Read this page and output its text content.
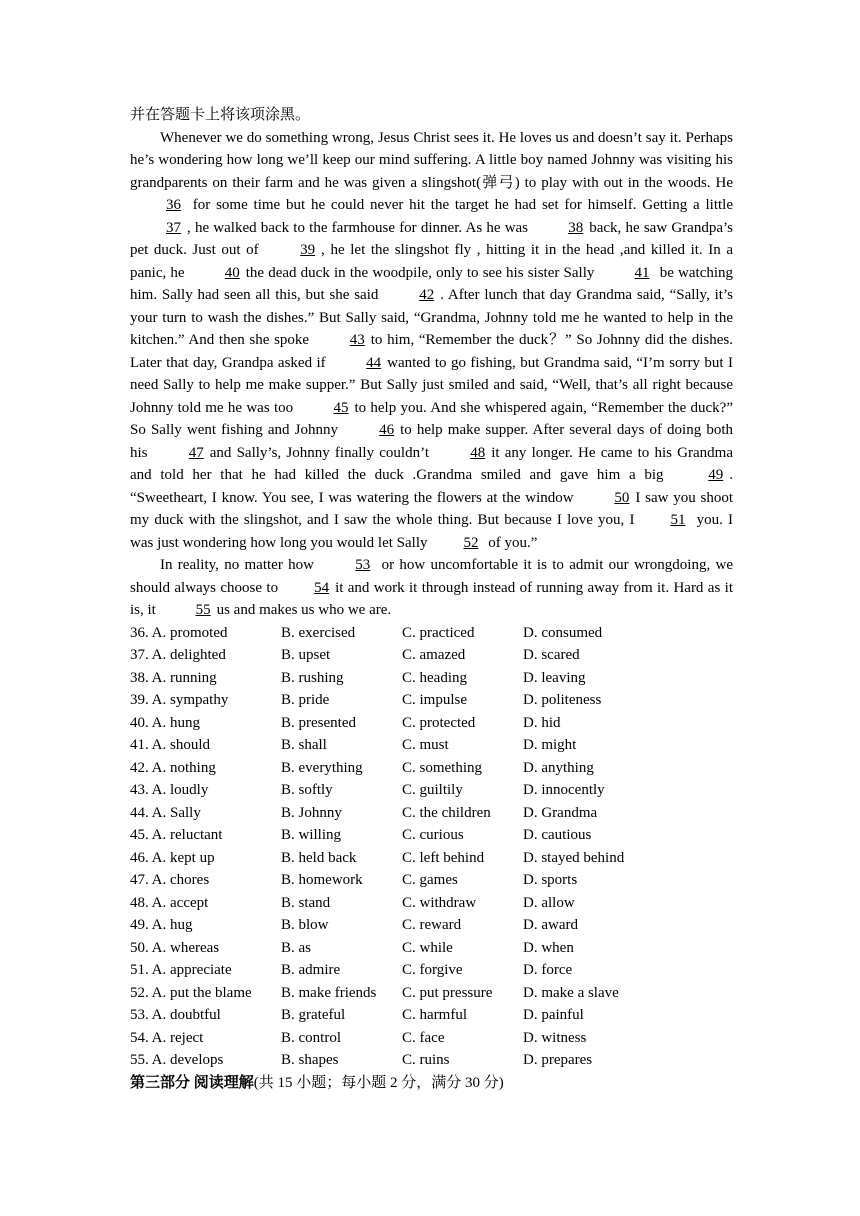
并在答题卡上将该项涂黑。

Whenever we do something wrong, Jesus Christ sees it. He loves us and doesn’t say it. Perhaps he’s wondering how long we’ll keep our mind suffering. A little boy named Johnny was visiting his grandparents on their farm and he was given a slingshot(弹弓) to play with out in the woods. He 36 for some time but he could never hit the target he had set for himself. Getting a little 37 , he walked back to the farmhouse for dinner. As he was 38 back, he saw Grandpa’s pet duck. Just out of 39 , he let the slingshot fly , hitting it in the head ,and killed it. In a panic, he 40 the dead duck in the woodpile, only to see his sister Sally 41 be watching him. Sally had seen all this, but she said 42 . After lunch that day Grandma said, “Sally, it’s your turn to wash the dishes.” But Sally said, “Grandma, Johnny told me he wanted to help in the kitchen.” And then she spoke 43 to him, “Remember the duck？” So Johnny did the dishes. Later that day, Grandpa asked if 44 wanted to go fishing, but Grandma said, “I’m sorry but I need Sally to help me make supper.” But Sally just smiled and said, “Well, that’s all right because Johnny told me he was too 45 to help you. And she whispered again, “Remember the duck?” So Sally went fishing and Johnny 46 to help make supper. After several days of doing both his 47 and Sally’s, Johnny finally couldn’t 48 it any longer. He came to his Grandma and told her that he had killed the duck .Grandma smiled and gave him a big 49 . “Sweetheart, I know. You see, I was watering the flowers at the window 50 I saw you shoot my duck with the slingshot, and I saw the whole thing. But because I love you, I 51 you. I was just wondering how long you would let Sally 52 of you.”

In reality, no matter how 53 or how uncomfortable it is to admit our wrongdoing, we should always choose to 54 it and work it through instead of running away from it. Hard as it is, it 55 us and makes us who we are.

36. A. promoted	B. exercised	C. practiced	D. consumed
37. A. delighted	B. upset	C. amazed	D. scared
38. A. running	B. rushing	C. heading	D. leaving
39. A. sympathy	B. pride	C. impulse	D. politeness
40. A. hung	B. presented	C. protected	D. hid
41. A. should	B. shall	C. must	D. might
42. A. nothing	B. everything	C. something	D. anything
43. A. loudly	B. softly	C. guiltily	D. innocently
44. A. Sally	B. Johnny	C. the children	D. Grandma
45. A. reluctant	B. willing	C. curious	D. cautious
46. A. kept up	B. held back	C. left behind	D. stayed behind
47. A. chores	B. homework	C. games	D. sports
48. A. accept	B. stand	C. withdraw	D. allow
49. A. hug	B. blow	C. reward	D. award
50. A. whereas	B. as	C. while	D. when
51. A. appreciate	B. admire	C. forgive	D. force
52. A. put the blame	B. make friends	C. put pressure	D. make a slave
53. A. doubtful	B. grateful	C. harmful	D. painful
54. A. reject	B. control	C. face	D. witness
55. A. develops	B. shapes	C. ruins	D. prepares
第三部分 阅读理解(共 15 小题；每小题 2 分，满分 30 分)
